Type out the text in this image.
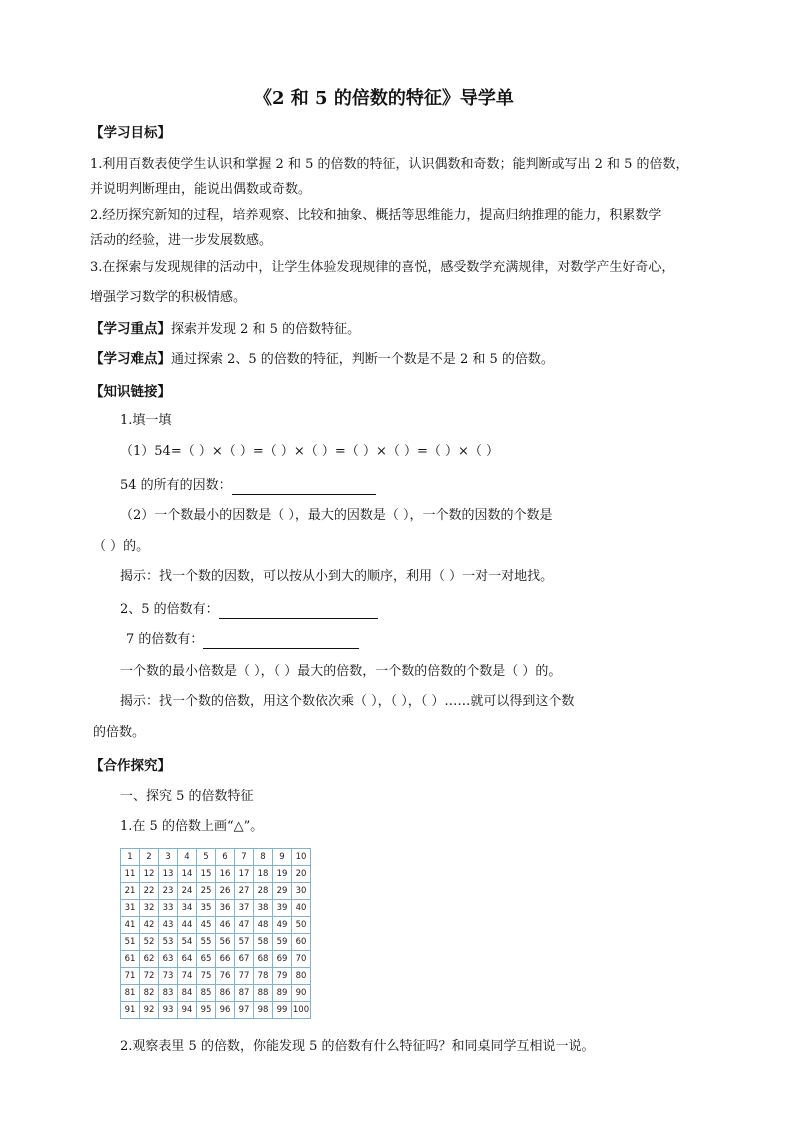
《2 和 5 的倍数的特征》导学单
【学习目标】
1.利用百数表使学生认识和掌握 2 和 5 的倍数的特征，认识偶数和奇数；能判断或写出 2 和 5 的倍数，
并说明判断理由，能说出偶数或奇数。
2.经历探究新知的过程，培养观察、比较和抽象、概括等思维能力，提高归纳推理的能力，积累数学
活动的经验，进一步发展数感。
3.在探索与发现规律的活动中，让学生体验发现规律的喜悦，感受数学充满规律，对数学产生好奇心，
增强学习数学的积极情感。
【学习重点】探索并发现 2 和 5 的倍数特征。
【学习难点】通过探索 2、5 的倍数的特征，判断一个数是不是 2 和 5 的倍数。
【知识链接】
1.填一填
（1）54=（ ）×（ ）=（ ）×（ ）=（ ）×（ ）=（ ）×（ ）
54 的所有的因数：
（2）一个数最小的因数是（ ），最大的因数是（ ），一个数的因数的个数是
（ ）的。
揭示：找一个数的因数，可以按从小到大的顺序，利用（ ）一对一对地找。
2、5 的倍数有：
7 的倍数有：
一个数的最小倍数是（ ），（ ）最大的倍数，一个数的倍数的个数是（ ）的。
揭示：找一个数的倍数，用这个数依次乘（ ），（ ），（ ）……就可以得到这个数
的倍数。
【合作探究】
一、探究 5 的倍数特征
1.在 5 的倍数上画“△”。
1	2	3	4	5	6	7	8	9	10
11	12	13	14	15	16	17	18	19	20
21	22	23	24	25	26	27	28	29	30
31	32	33	34	35	36	37	38	39	40
41	42	43	44	45	46	47	48	49	50
51	52	53	54	55	56	57	58	59	60
61	62	63	64	65	66	67	68	69	70
71	72	73	74	75	76	77	78	79	80
81	82	83	84	85	86	87	88	89	90
91	92	93	94	95	96	97	98	99	100
2.观察表里 5 的倍数，你能发现 5 的倍数有什么特征吗？和同桌同学互相说一说。
